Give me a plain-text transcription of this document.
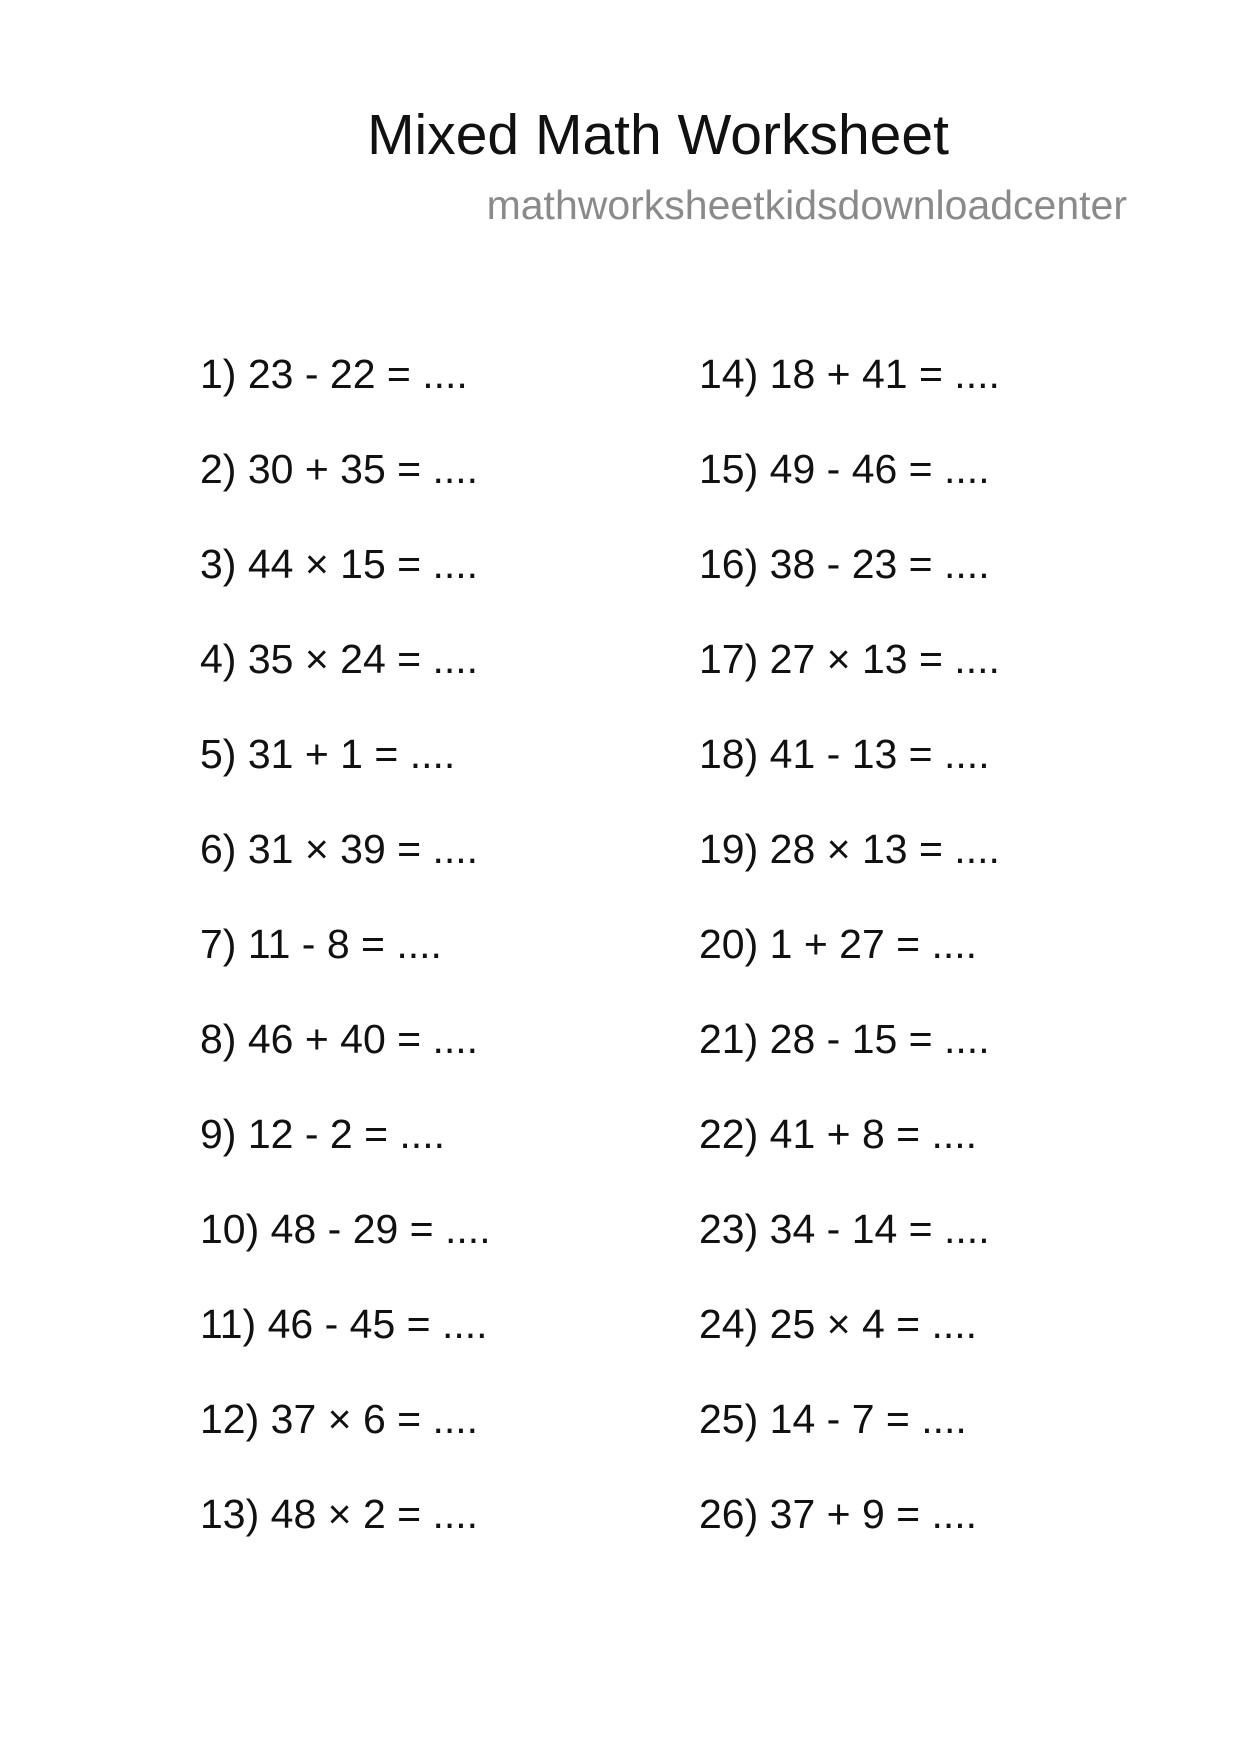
Mixed Math Worksheet

mathworksheetkidsdownloadcenter

1) 23 - 22 = ....
2) 30 + 35 = ....
3) 44 × 15 = ....
4) 35 × 24 = ....
5) 31 + 1 = ....
6) 31 × 39 = ....
7) 11 - 8 = ....
8) 46 + 40 = ....
9) 12 - 2 = ....
10) 48 - 29 = ....
11) 46 - 45 = ....
12) 37 × 6 = ....
13) 48 × 2 = ....
14) 18 + 41 = ....
15) 49 - 46 = ....
16) 38 - 23 = ....
17) 27 × 13 = ....
18) 41 - 13 = ....
19) 28 × 13 = ....
20) 1 + 27 = ....
21) 28 - 15 = ....
22) 41 + 8 = ....
23) 34 - 14 = ....
24) 25 × 4 = ....
25) 14 - 7 = ....
26) 37 + 9 = ....
